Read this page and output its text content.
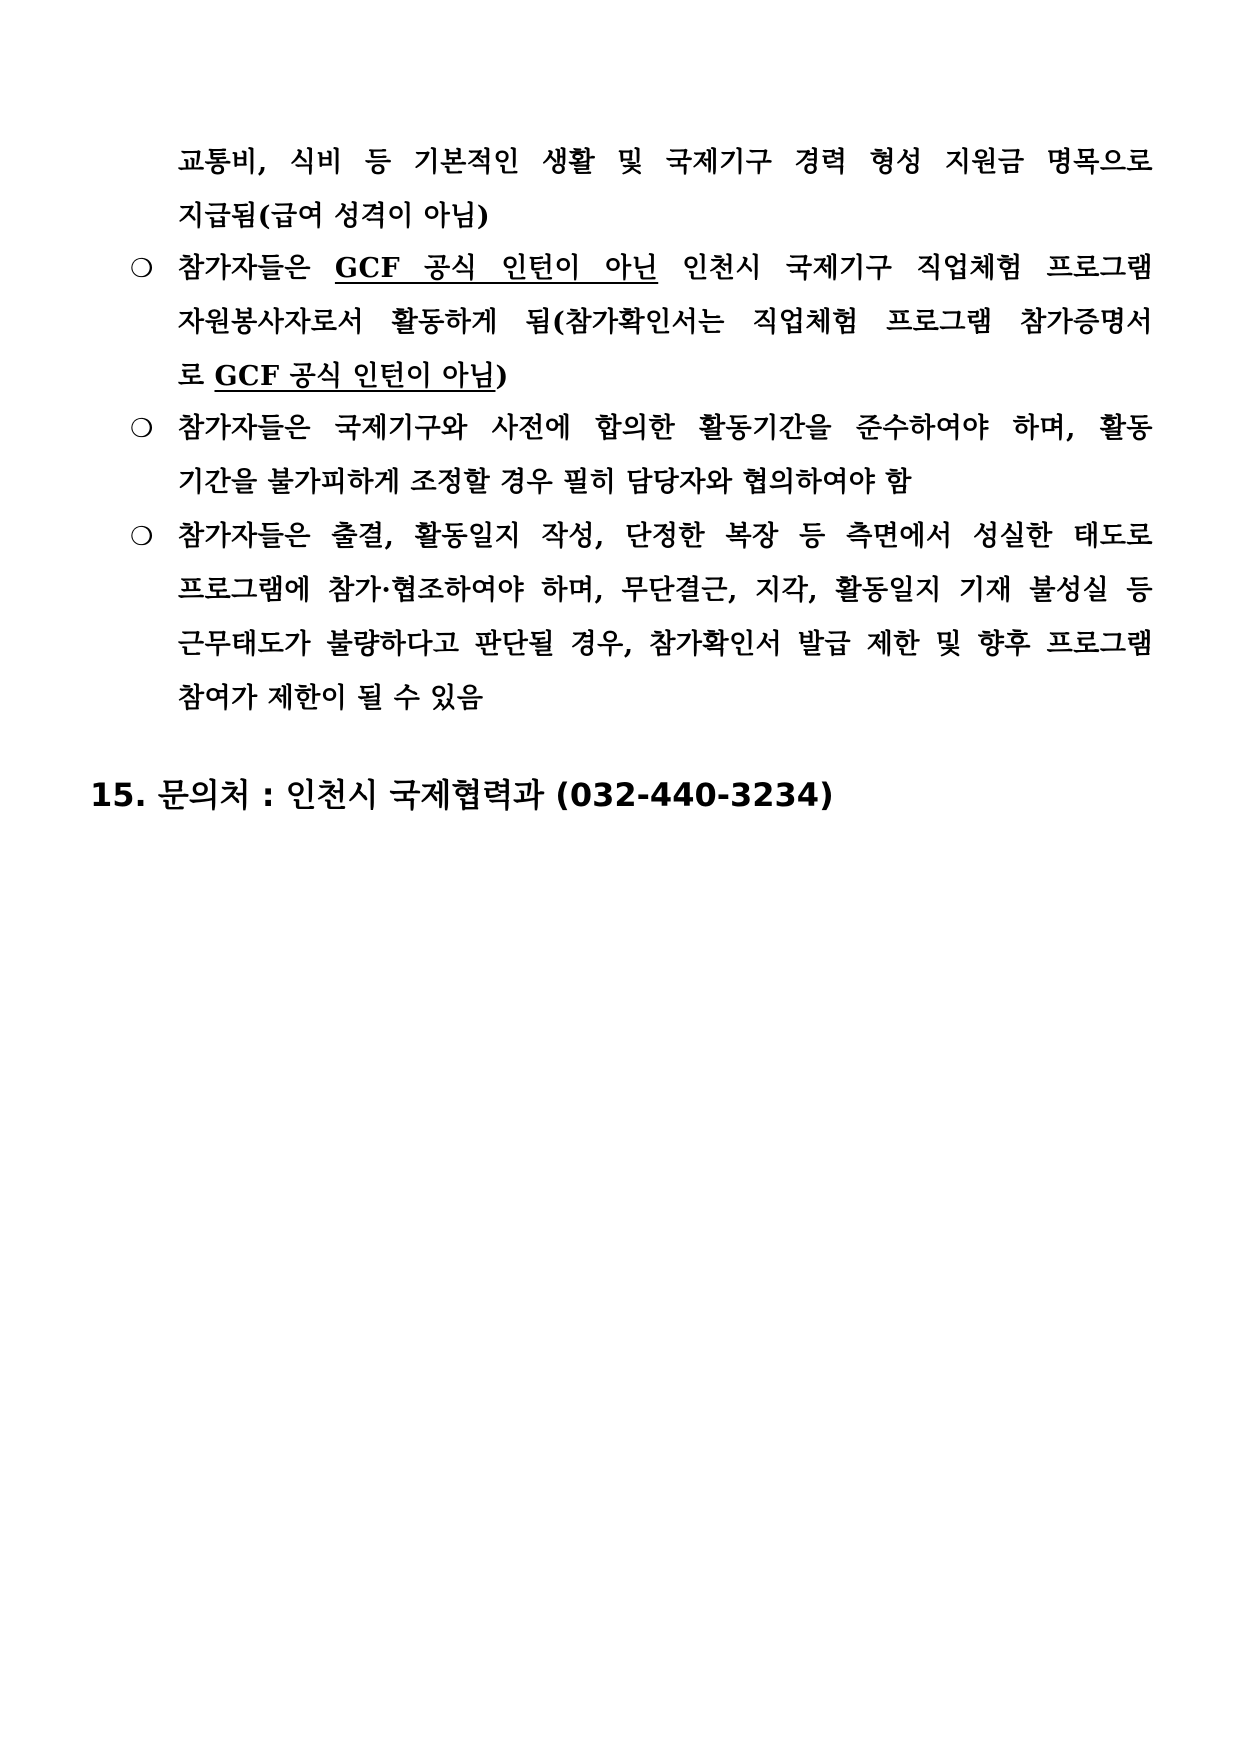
교통비, 식비 등 기본적인 생활 및 국제기구 경력 형성 지원금 명목으로
지급됨(급여 성격이 아님)
❍ 참가자들은 GCF 공식 인턴이 아닌 인천시 국제기구 직업체험 프로그램
자원봉사자로서 활동하게 됨(참가확인서는 직업체험 프로그램 참가증명서
로 GCF 공식 인턴이 아님)
❍ 참가자들은 국제기구와 사전에 합의한 활동기간을 준수하여야 하며, 활동
기간을 불가피하게 조정할 경우 필히 담당자와 협의하여야 함
❍ 참가자들은 출결, 활동일지 작성, 단정한 복장 등 측면에서 성실한 태도로
프로그램에 참가·협조하여야 하며, 무단결근, 지각, 활동일지 기재 불성실 등
근무태도가 불량하다고 판단될 경우, 참가확인서 발급 제한 및 향후 프로그램
참여가 제한이 될 수 있음
15. 문의처 : 인천시 국제협력과 (032-440-3234)
